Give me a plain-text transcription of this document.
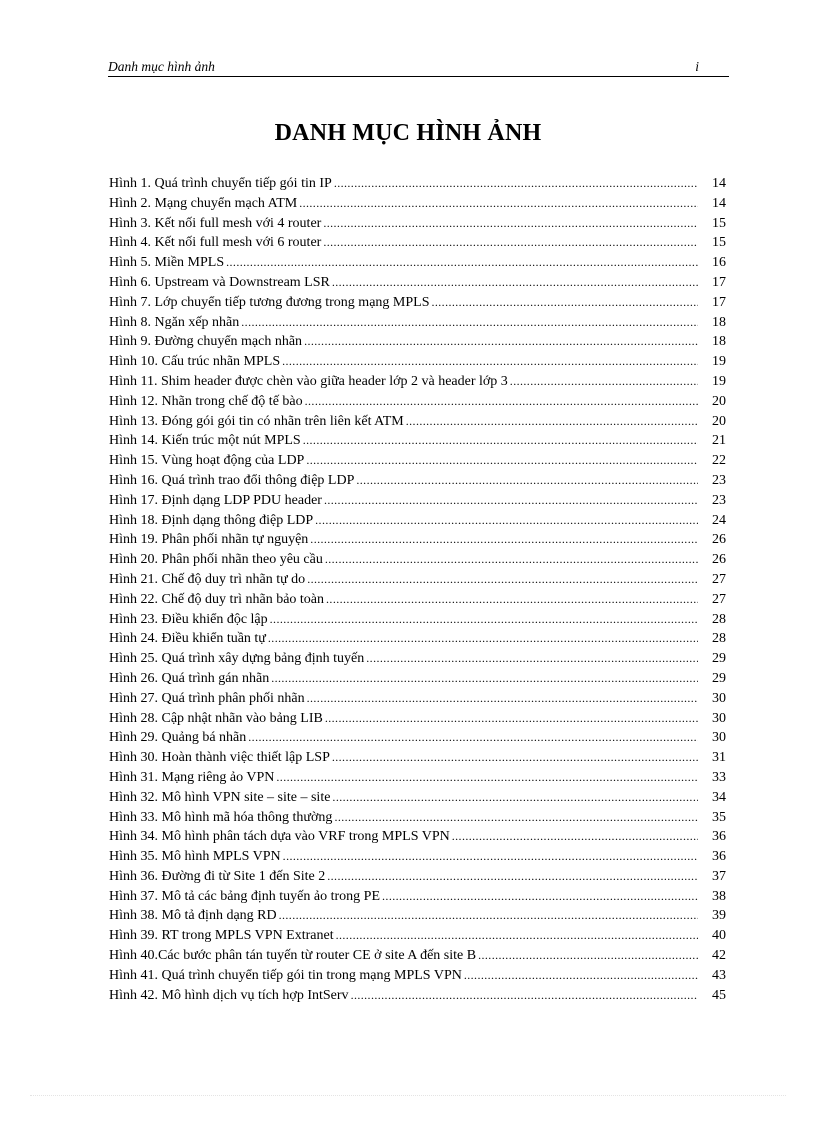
Danh mục hình ảnh	i
DANH MỤC HÌNH ẢNH
Hình 1. Quá trình chuyển tiếp gói tin IP .....	14
Hình 2. Mạng chuyển mạch ATM .....	14
Hình 3. Kết nối full mesh với 4 router .....	15
Hình 4. Kết nối full mesh với 6 router .....	15
Hình 5. Miền MPLS .....	16
Hình 6. Upstream và Downstream LSR .....	17
Hình 7. Lớp chuyển tiếp tương đương trong mạng MPLS .....	17
Hình 8. Ngăn xếp nhãn .....	18
Hình 9. Đường chuyển mạch nhãn .....	18
Hình 10. Cấu trúc nhãn MPLS .....	19
Hình 11. Shim header được chèn vào giữa header lớp 2 và header lớp 3 .....	19
Hình 12. Nhãn trong chế độ tế bào .....	20
Hình 13. Đóng gói gói tin có nhãn trên liên kết ATM .....	20
Hình 14. Kiến trúc một nút MPLS .....	21
Hình 15. Vùng hoạt động của LDP .....	22
Hình 16. Quá trình trao đổi thông điệp LDP .....	23
Hình 17. Định dạng LDP PDU header .....	23
Hình 18. Định dạng thông điệp LDP .....	24
Hình 19. Phân phối nhãn tự nguyện .....	26
Hình 20. Phân phối nhãn theo yêu cầu .....	26
Hình 21. Chế độ duy trì nhãn tự do .....	27
Hình 22. Chế độ duy trì nhãn bảo toàn .....	27
Hình 23. Điều khiển độc lập .....	28
Hình 24. Điều khiển tuần tự .....	28
Hình 25. Quá trình xây dựng bảng định tuyến .....	29
Hình 26. Quá trình gán nhãn .....	29
Hình 27. Quá trình phân phối nhãn .....	30
Hình 28. Cập nhật nhãn vào bảng LIB .....	30
Hình 29. Quảng bá nhãn .....	30
Hình 30. Hoàn thành việc thiết lập LSP .....	31
Hình 31. Mạng riêng ảo VPN .....	33
Hình 32. Mô hình VPN site – site – site .....	34
Hình 33. Mô hình mã hóa thông thường .....	35
Hình 34. Mô hình phân tách dựa vào VRF trong MPLS VPN .....	36
Hình 35. Mô hình MPLS VPN .....	36
Hình 36. Đường đi từ Site 1 đến Site 2 .....	37
Hình 37. Mô tả các bảng định tuyến ảo trong PE .....	38
Hình 38. Mô tả định dạng RD .....	39
Hình 39. RT trong MPLS VPN Extranet .....	40
Hình 40.Các bước phân tán tuyến từ router CE ở site A đến site B .....	42
Hình 41. Quá trình chuyển tiếp gói tin trong mạng MPLS VPN .....	43
Hình 42. Mô hình dịch vụ tích hợp IntServ .....	45
